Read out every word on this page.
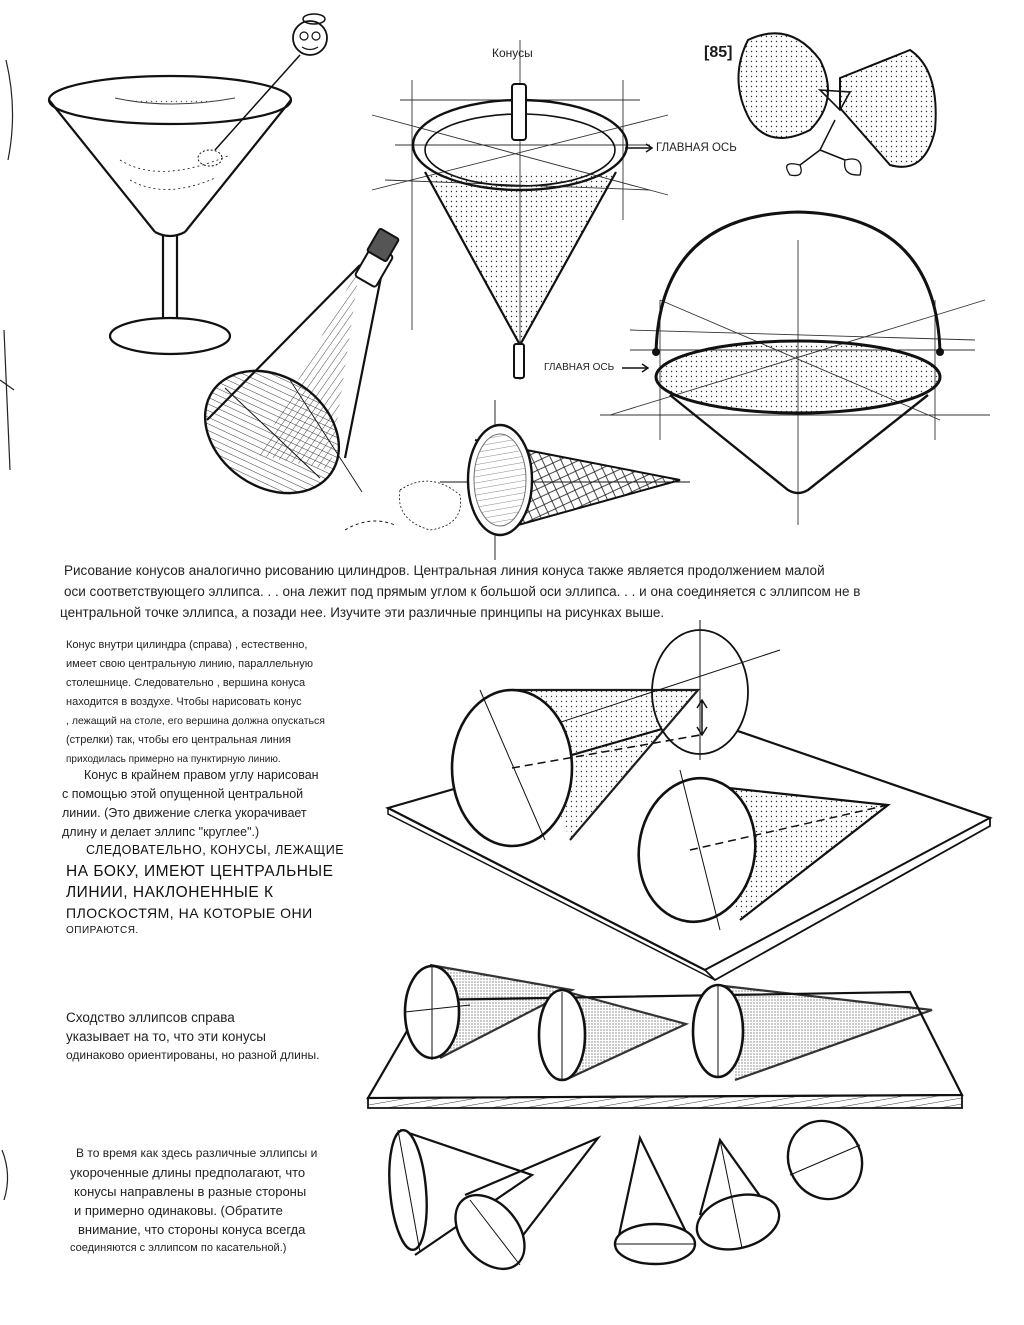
Конусы	[85]
ГЛАВНАЯ ОСЬ
ГЛАВНАЯ ОСЬ
Рисование конусов аналогично рисованию цилиндров. Центральная линия конуса также является продолжением малой
оси соответствующего эллипса. . . она лежит под прямым углом к большой оси эллипса. . . и она соединяется с эллипсом не в
центральной точке эллипса, а позади нее. Изучите эти различные принципы на рисунках выше.
Конус внутри цилиндра (справа) , естественно,
имеет свою центральную линию, параллельную
столешнице. Следовательно , вершина конуса
находится в воздухе. Чтобы нарисовать конус
, лежащий на столе, его вершина должна опускаться
(стрелки) так, чтобы его центральная линия
приходилась примерно на пунктирную линию.
Конус в крайнем правом углу нарисован
с помощью этой опущенной центральной
линии. (Это движение слегка укорачивает
длину и делает эллипс "круглее".)
СЛЕДОВАТЕЛЬНО, КОНУСЫ, ЛЕЖАЩИЕ
НА БОКУ, ИМЕЮТ ЦЕНТРАЛЬНЫЕ
ЛИНИИ, НАКЛОНЕННЫЕ К
ПЛОСКОСТЯМ, НА КОТОРЫЕ ОНИ
ОПИРАЮТСЯ.
Сходство эллипсов справа
указывает на то, что эти конусы
одинаково ориентированы, но разной длины.
В то время как здесь различные эллипсы и
укороченные длины предполагают, что
конусы направлены в разные стороны
и примерно одинаковы. (Обратите
внимание, что стороны конуса всегда
соединяются с эллипсом по касательной.)
